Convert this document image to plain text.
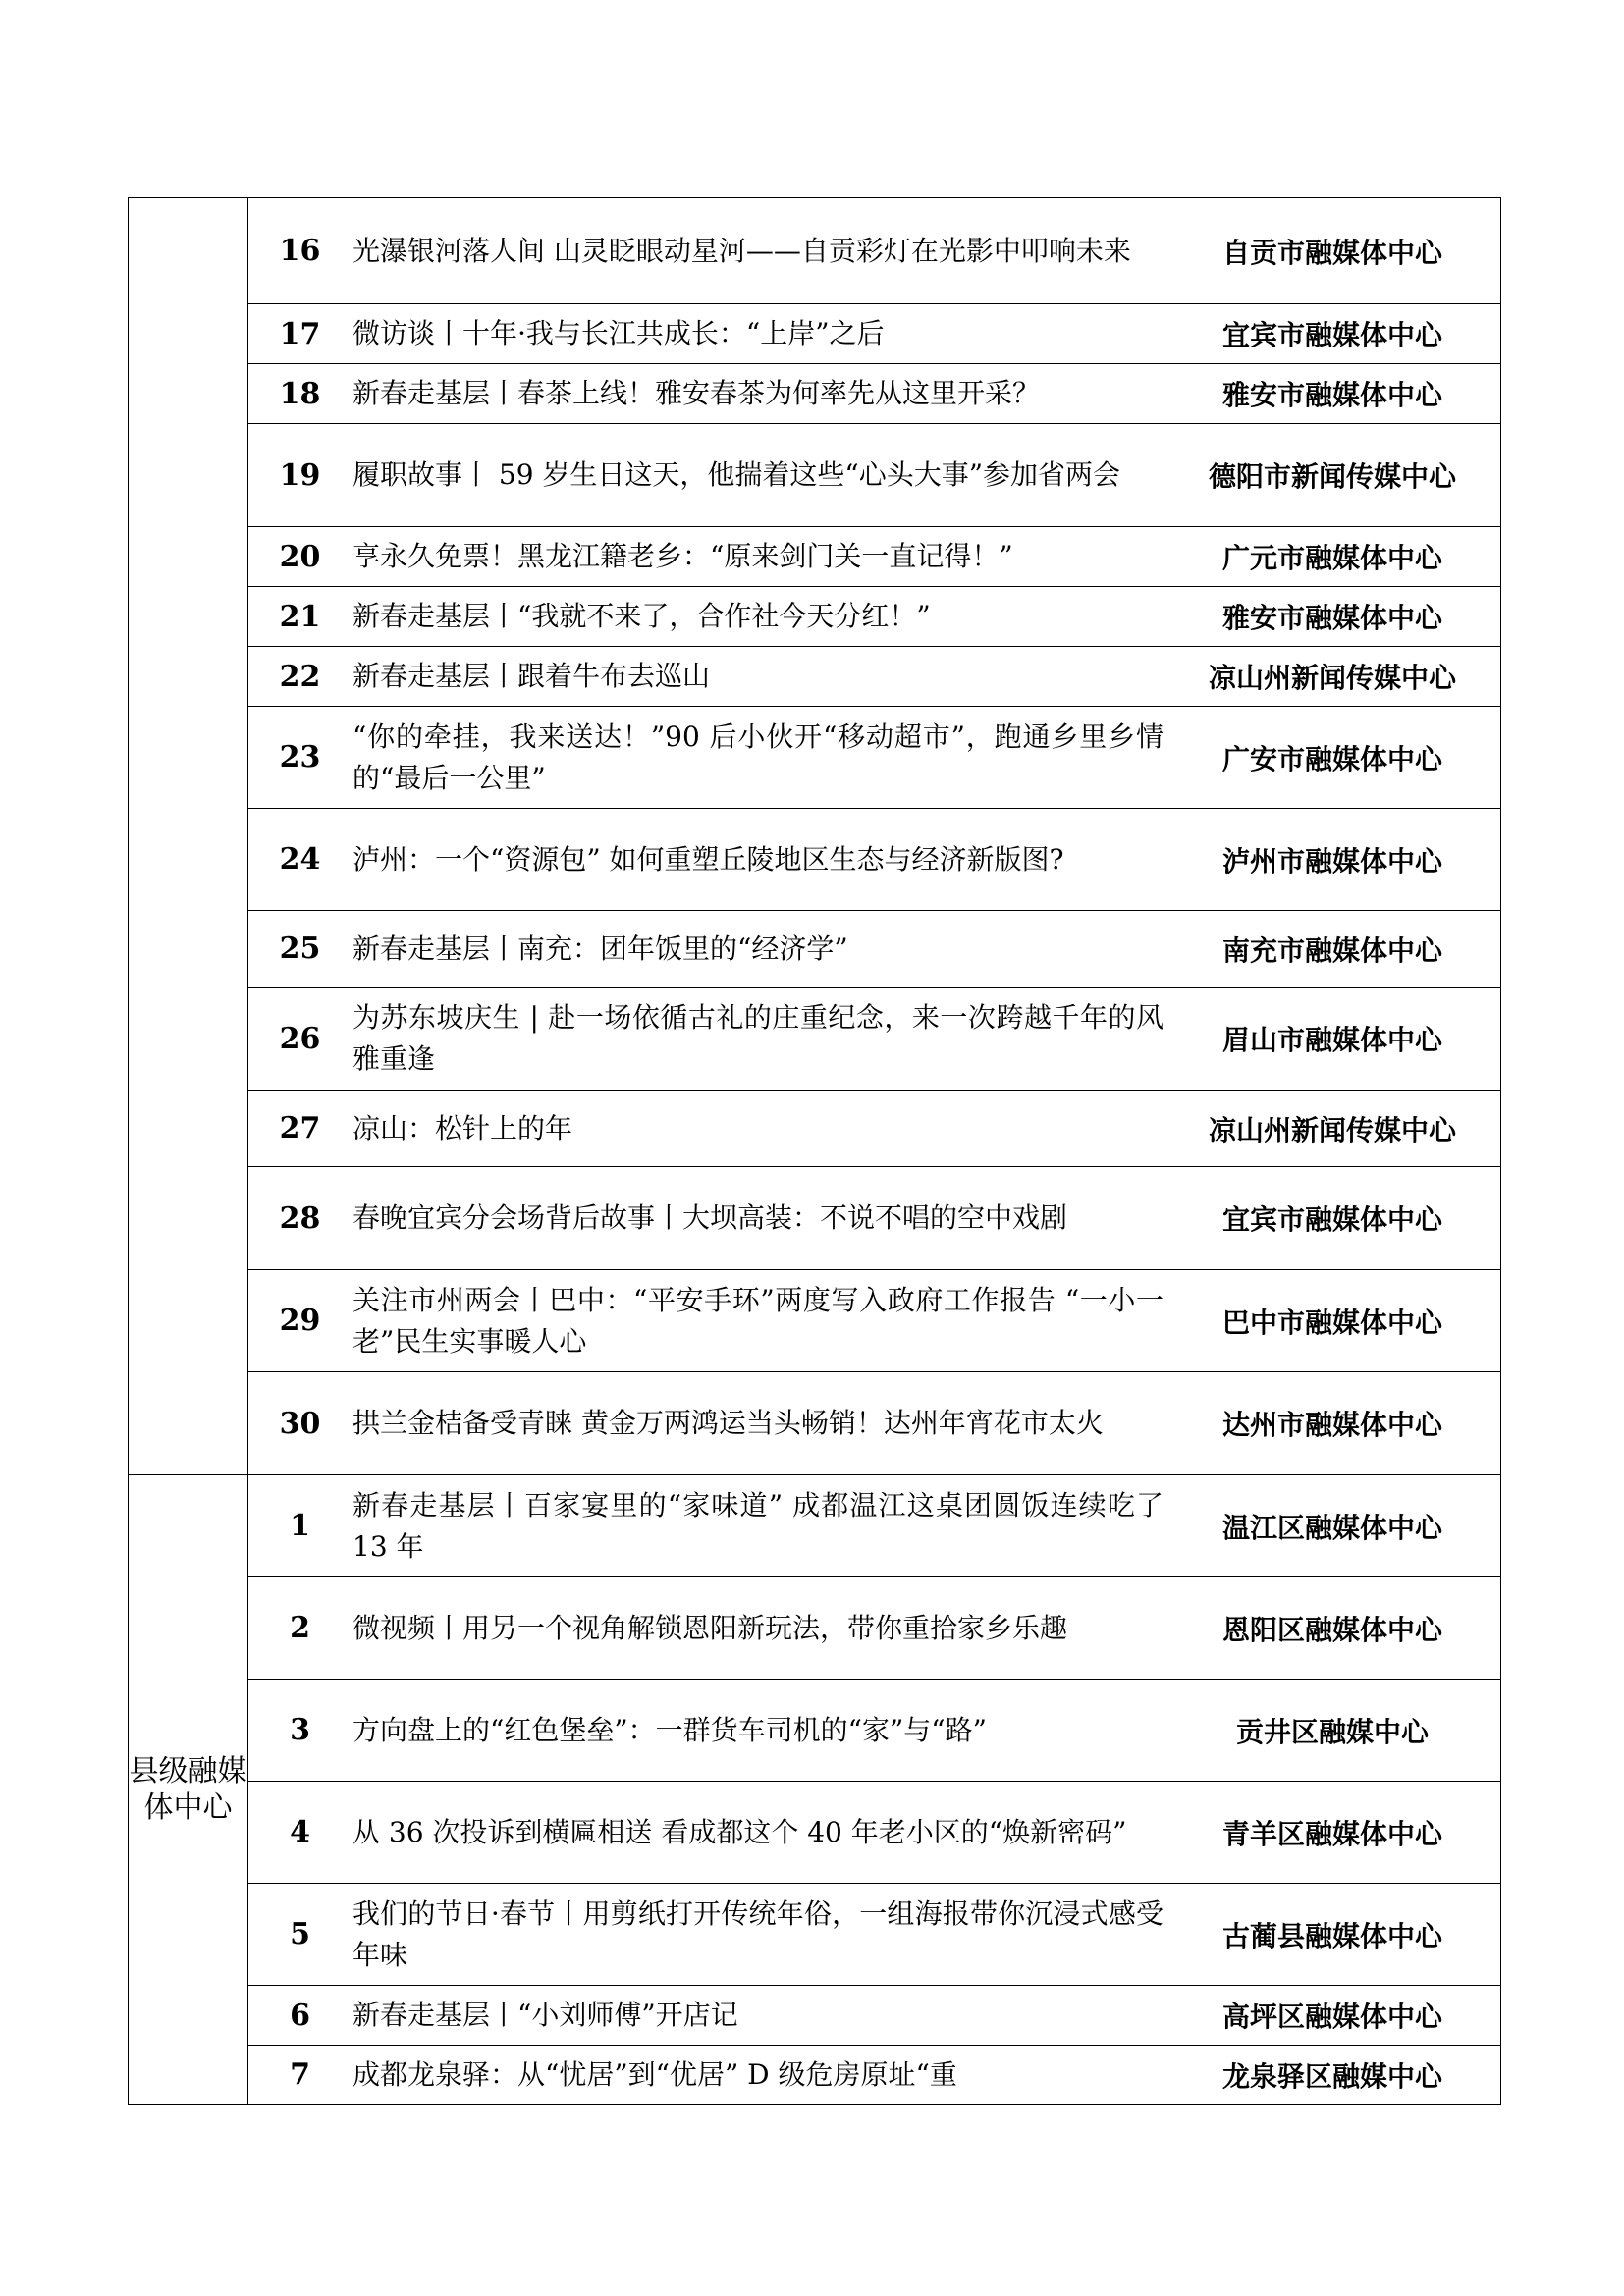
	16	光瀑银河落人间 山灵眨眼动星河——自贡彩灯在光影中叩响未来	自贡市融媒体中心
	17	微访谈丨十年·我与长江共成长：“上岸”之后	宜宾市融媒体中心
	18	新春走基层丨春茶上线！雅安春茶为何率先从这里开采？	雅安市融媒体中心
	19	履职故事丨 59 岁生日这天，他揣着这些“心头大事”参加省两会	德阳市新闻传媒中心
	20	享永久免票！黑龙江籍老乡：“原来剑门关一直记得！”	广元市融媒体中心
	21	新春走基层丨“我就不来了，合作社今天分红！”	雅安市融媒体中心
	22	新春走基层丨跟着牛布去巡山	凉山州新闻传媒中心
	23	“你的牵挂，我来送达！”90 后小伙开“移动超市”，跑通乡里乡情的“最后一公里”	广安市融媒体中心
	24	泸州：一个“资源包” 如何重塑丘陵地区生态与经济新版图?	泸州市融媒体中心
	25	新春走基层丨南充：团年饭里的“经济学”	南充市融媒体中心
	26	为苏东坡庆生 | 赴一场依循古礼的庄重纪念，来一次跨越千年的风雅重逢	眉山市融媒体中心
	27	凉山：松针上的年	凉山州新闻传媒中心
	28	春晚宜宾分会场背后故事丨大坝高装：不说不唱的空中戏剧	宜宾市融媒体中心
	29	关注市州两会丨巴中：“平安手环”两度写入政府工作报告 “一小一老”民生实事暖人心	巴中市融媒体中心
	30	拱兰金桔备受青睐 黄金万两鸿运当头畅销！达州年宵花市太火	达州市融媒体中心
县级融媒体中心	1	新春走基层丨百家宴里的“家味道” 成都温江这桌团圆饭连续吃了 13 年	温江区融媒体中心
	2	微视频丨用另一个视角解锁恩阳新玩法，带你重拾家乡乐趣	恩阳区融媒体中心
	3	方向盘上的“红色堡垒”：一群货车司机的“家”与“路”	贡井区融媒中心
	4	从 36 次投诉到横匾相送 看成都这个 40 年老小区的“焕新密码”	青羊区融媒体中心
	5	我们的节日·春节丨用剪纸打开传统年俗，一组海报带你沉浸式感受年味	古蔺县融媒体中心
	6	新春走基层丨“小刘师傅”开店记	高坪区融媒体中心
	7	成都龙泉驿：从“忧居”到“优居” D 级危房原址“重	龙泉驿区融媒中心
